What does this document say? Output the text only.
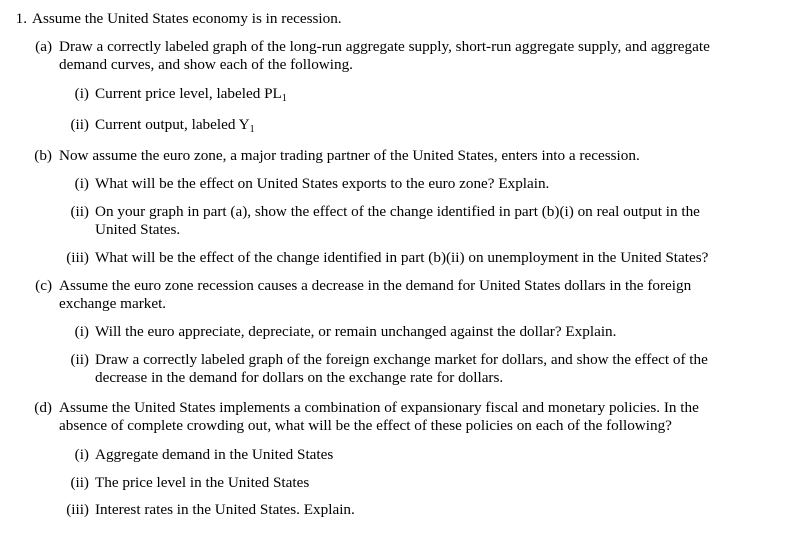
1. Assume the United States economy is in recession.
(a) Draw a correctly labeled graph of the long-run aggregate supply, short-run aggregate supply, and aggregate
demand curves, and show each of the following.
(i) Current price level, labeled PL1
(ii) Current output, labeled Y1
(b) Now assume the euro zone, a major trading partner of the United States, enters into a recession.
(i) What will be the effect on United States exports to the euro zone? Explain.
(ii) On your graph in part (a), show the effect of the change identified in part (b)(i) on real output in the
United States.
(iii) What will be the effect of the change identified in part (b)(ii) on unemployment in the United States?
(c) Assume the euro zone recession causes a decrease in the demand for United States dollars in the foreign
exchange market.
(i) Will the euro appreciate, depreciate, or remain unchanged against the dollar? Explain.
(ii) Draw a correctly labeled graph of the foreign exchange market for dollars, and show the effect of the
decrease in the demand for dollars on the exchange rate for dollars.
(d) Assume the United States implements a combination of expansionary fiscal and monetary policies. In the
absence of complete crowding out, what will be the effect of these policies on each of the following?
(i) Aggregate demand in the United States
(ii) The price level in the United States
(iii) Interest rates in the United States. Explain.
